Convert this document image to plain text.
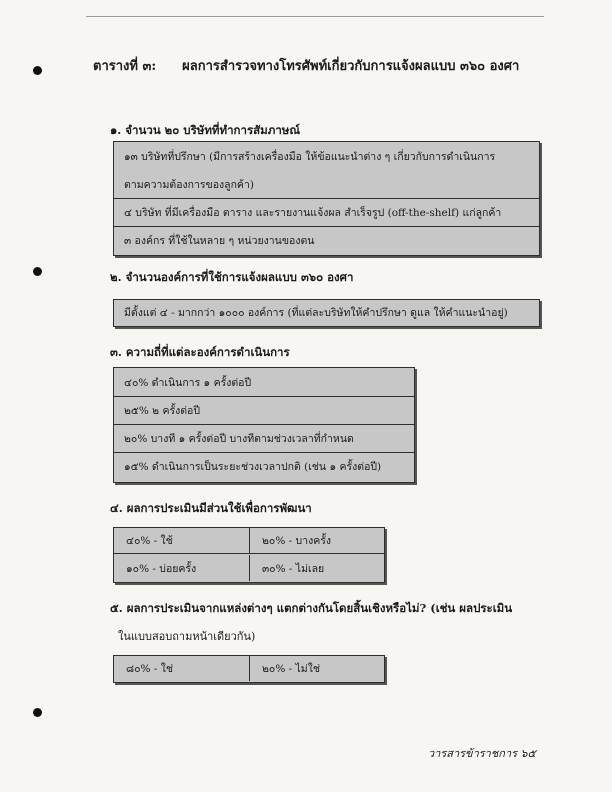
ตารางที่ ๓: ผลการสำรวจทางโทรศัพท์เกี่ยวกับการแจ้งผลแบบ ๓๖๐ องศา
๑. จำนวน ๒๐ บริษัทที่ทำการสัมภาษณ์
๑๓ บริษัทที่ปรึกษา (มีการสร้างเครื่องมือ ให้ข้อแนะนำต่าง ๆ เกี่ยวกับการดำเนินการ
ตามความต้องการของลูกค้า)
๔ บริษัท ที่มีเครื่องมือ ตาราง และรายงานแจ้งผล สำเร็จรูป (off-the-shelf) แก่ลูกค้า
๓ องค์กร ที่ใช้ในหลาย ๆ หน่วยงานของตน
๒. จำนวนองค์การที่ใช้การแจ้งผลแบบ ๓๖๐ องศา
มีตั้งแต่ ๔ - มากกว่า ๑๐๐๐ องค์การ (ที่แต่ละบริษัทให้คำปรึกษา ดูแล ให้คำแนะนำอยู่)
๓. ความถี่ที่แต่ละองค์การดำเนินการ
๔๐% ดำเนินการ ๑ ครั้งต่อปี
๒๕% ๒ ครั้งต่อปี
๒๐% บางที ๑ ครั้งต่อปี บางทีตามช่วงเวลาที่กำหนด
๑๕% ดำเนินการเป็นระยะช่วงเวลาปกติ (เช่น ๑ ครั้งต่อปี)
๔. ผลการประเมินมีส่วนใช้เพื่อการพัฒนา
๔๐% - ใช้	๒๐% - บางครั้ง
๑๐% - บ่อยครั้ง	๓๐% - ไม่เลย
๕. ผลการประเมินจากแหล่งต่างๆ แตกต่างกันโดยสิ้นเชิงหรือไม่? (เช่น ผลประเมิน
ในแบบสอบถามหน้าเดียวกัน)
๘๐% - ใช่	๒๐% - ไม่ใช่
วารสารข้าราชการ ๖๕
